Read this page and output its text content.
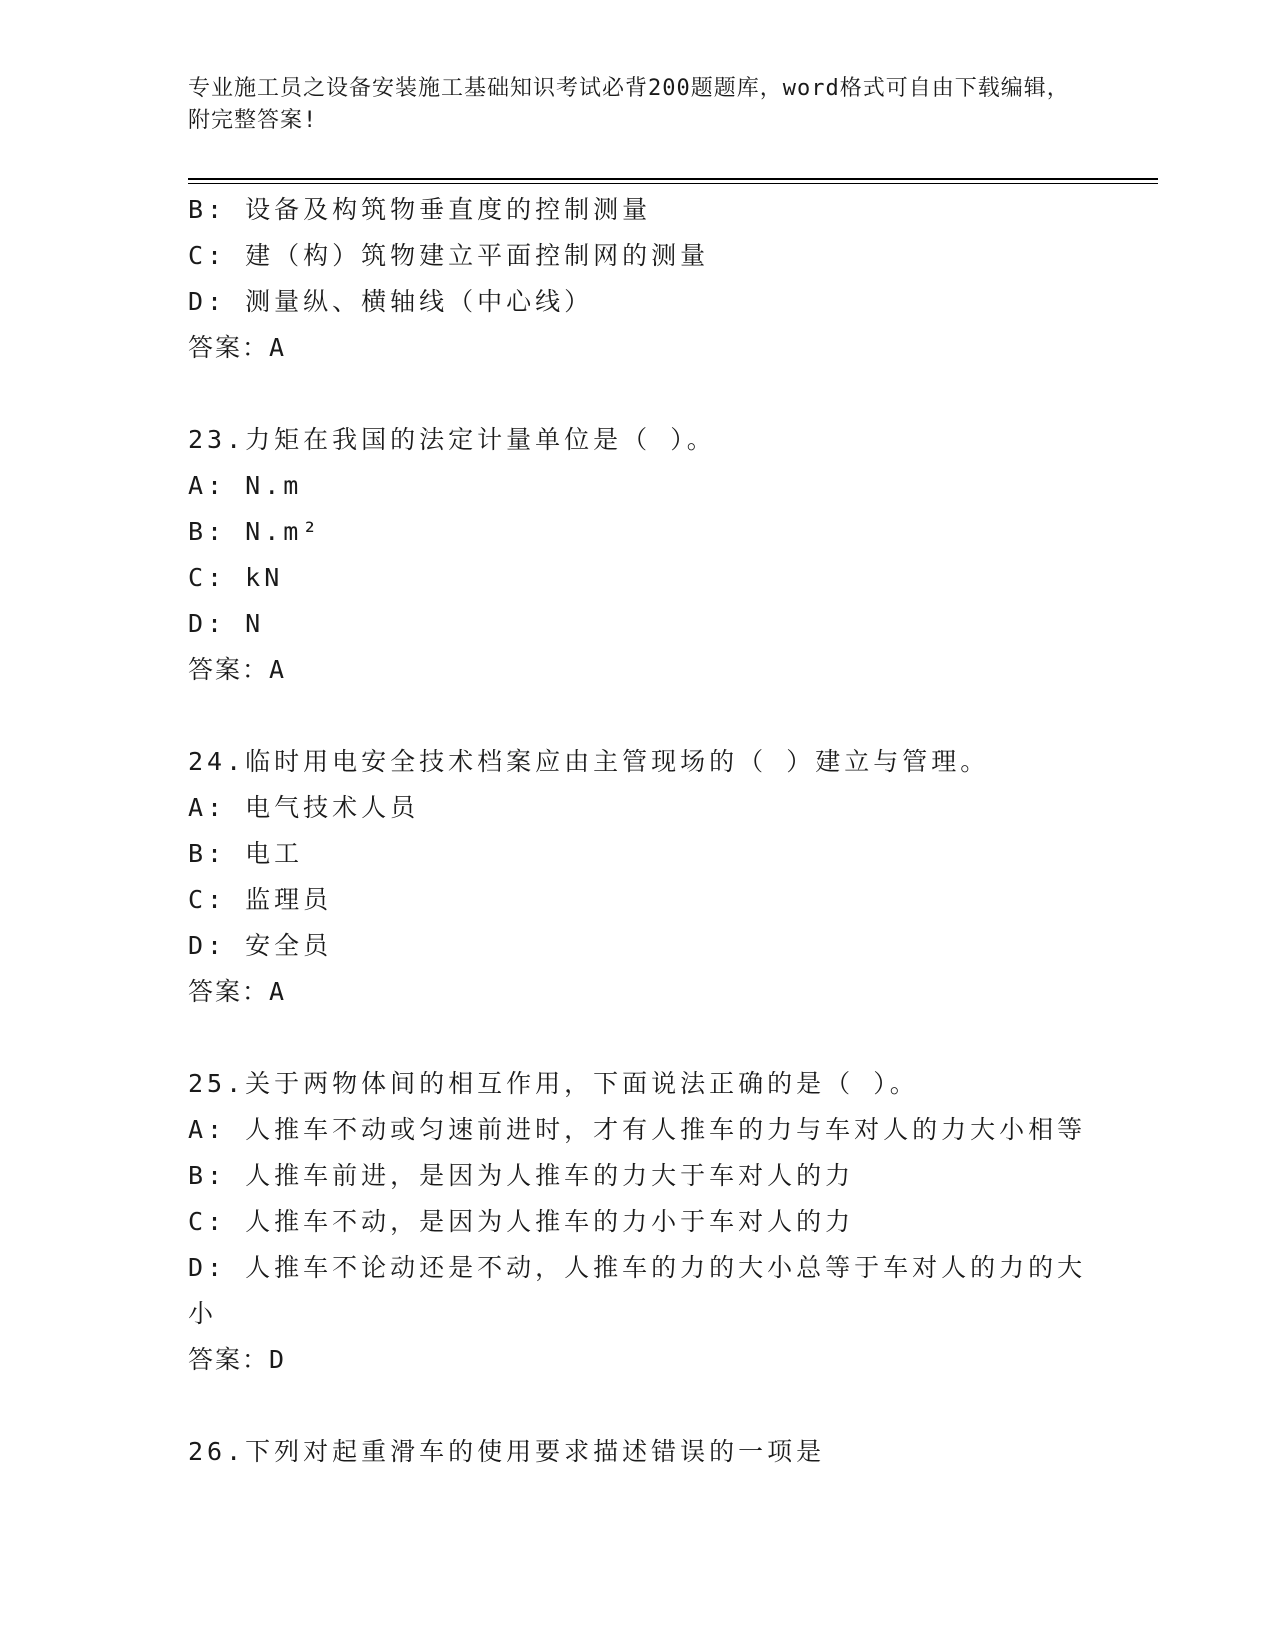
专业施工员之设备安装施工基础知识考试必背200题题库，word格式可自由下载编辑，附完整答案!
B: 设备及构筑物垂直度的控制测量
C: 建（构）筑物建立平面控制网的测量
D: 测量纵、横轴线（中心线）
答案：A
23.力矩在我国的法定计量单位是（ ）。
A: N.m
B: N.m²
C: kN
D: N
答案：A
24.临时用电安全技术档案应由主管现场的（ ）建立与管理。
A: 电气技术人员
B: 电工
C: 监理员
D: 安全员
答案：A
25.关于两物体间的相互作用，下面说法正确的是（ ）。
A: 人推车不动或匀速前进时，才有人推车的力与车对人的力大小相等
B: 人推车前进，是因为人推车的力大于车对人的力
C: 人推车不动，是因为人推车的力小于车对人的力
D: 人推车不论动还是不动，人推车的力的大小总等于车对人的力的大小
答案：D
26.下列对起重滑车的使用要求描述错误的一项是
